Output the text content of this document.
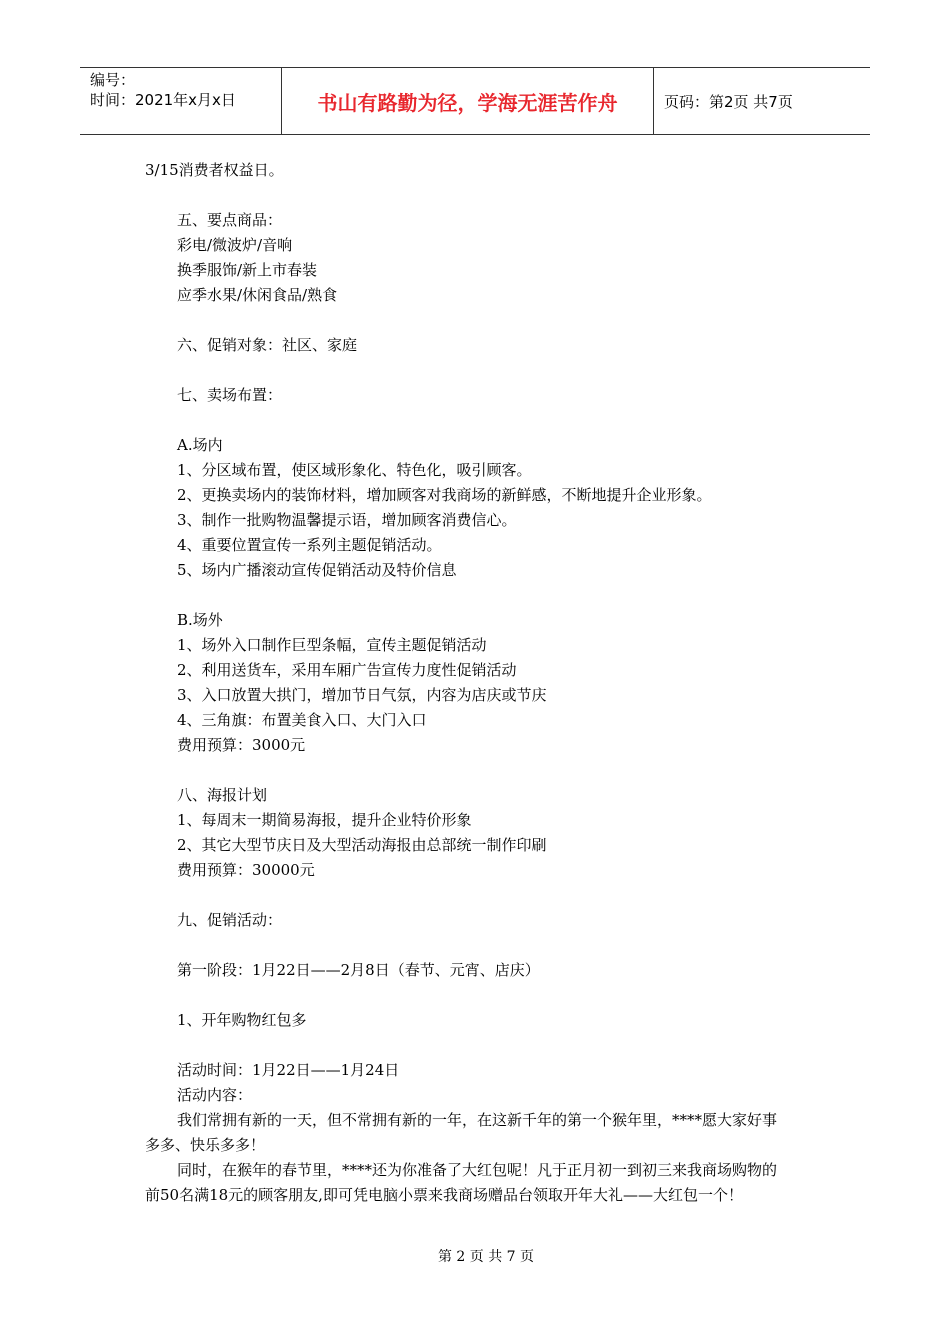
编号：
时间：2021年x月x日	书山有路勤为径，学海无涯苦作舟	页码：第2页 共7页
3/15消费者权益日。
五、要点商品：
彩电/微波炉/音响
换季服饰/新上市春装
应季水果/休闲食品/熟食
六、促销对象：社区、家庭
七、卖场布置：
A.场内
1、分区域布置，使区域形象化、特色化，吸引顾客。
2、更换卖场内的装饰材料，增加顾客对我商场的新鲜感，不断地提升企业形象。
3、制作一批购物温馨提示语，增加顾客消费信心。
4、重要位置宣传一系列主题促销活动。
5、场内广播滚动宣传促销活动及特价信息
B.场外
1、场外入口制作巨型条幅，宣传主题促销活动
2、利用送货车，采用车厢广告宣传力度性促销活动
3、入口放置大拱门，增加节日气氛，内容为店庆或节庆
4、三角旗：布置美食入口、大门入口
费用预算：3000元
八、海报计划
1、每周末一期简易海报，提升企业特价形象
2、其它大型节庆日及大型活动海报由总部统一制作印刷
费用预算：30000元
九、促销活动：
第一阶段：1月22日——2月8日（春节、元宵、店庆）
1、开年购物红包多
活动时间：1月22日——1月24日
活动内容：
我们常拥有新的一天，但不常拥有新的一年，在这新千年的第一个猴年里，****愿大家好事多多、快乐多多！
同时，在猴年的春节里，****还为你准备了大红包呢！凡于正月初一到初三来我商场购物的前50名满18元的顾客朋友,即可凭电脑小票来我商场赠品台领取开年大礼——大红包一个！
第 2 页 共 7 页
